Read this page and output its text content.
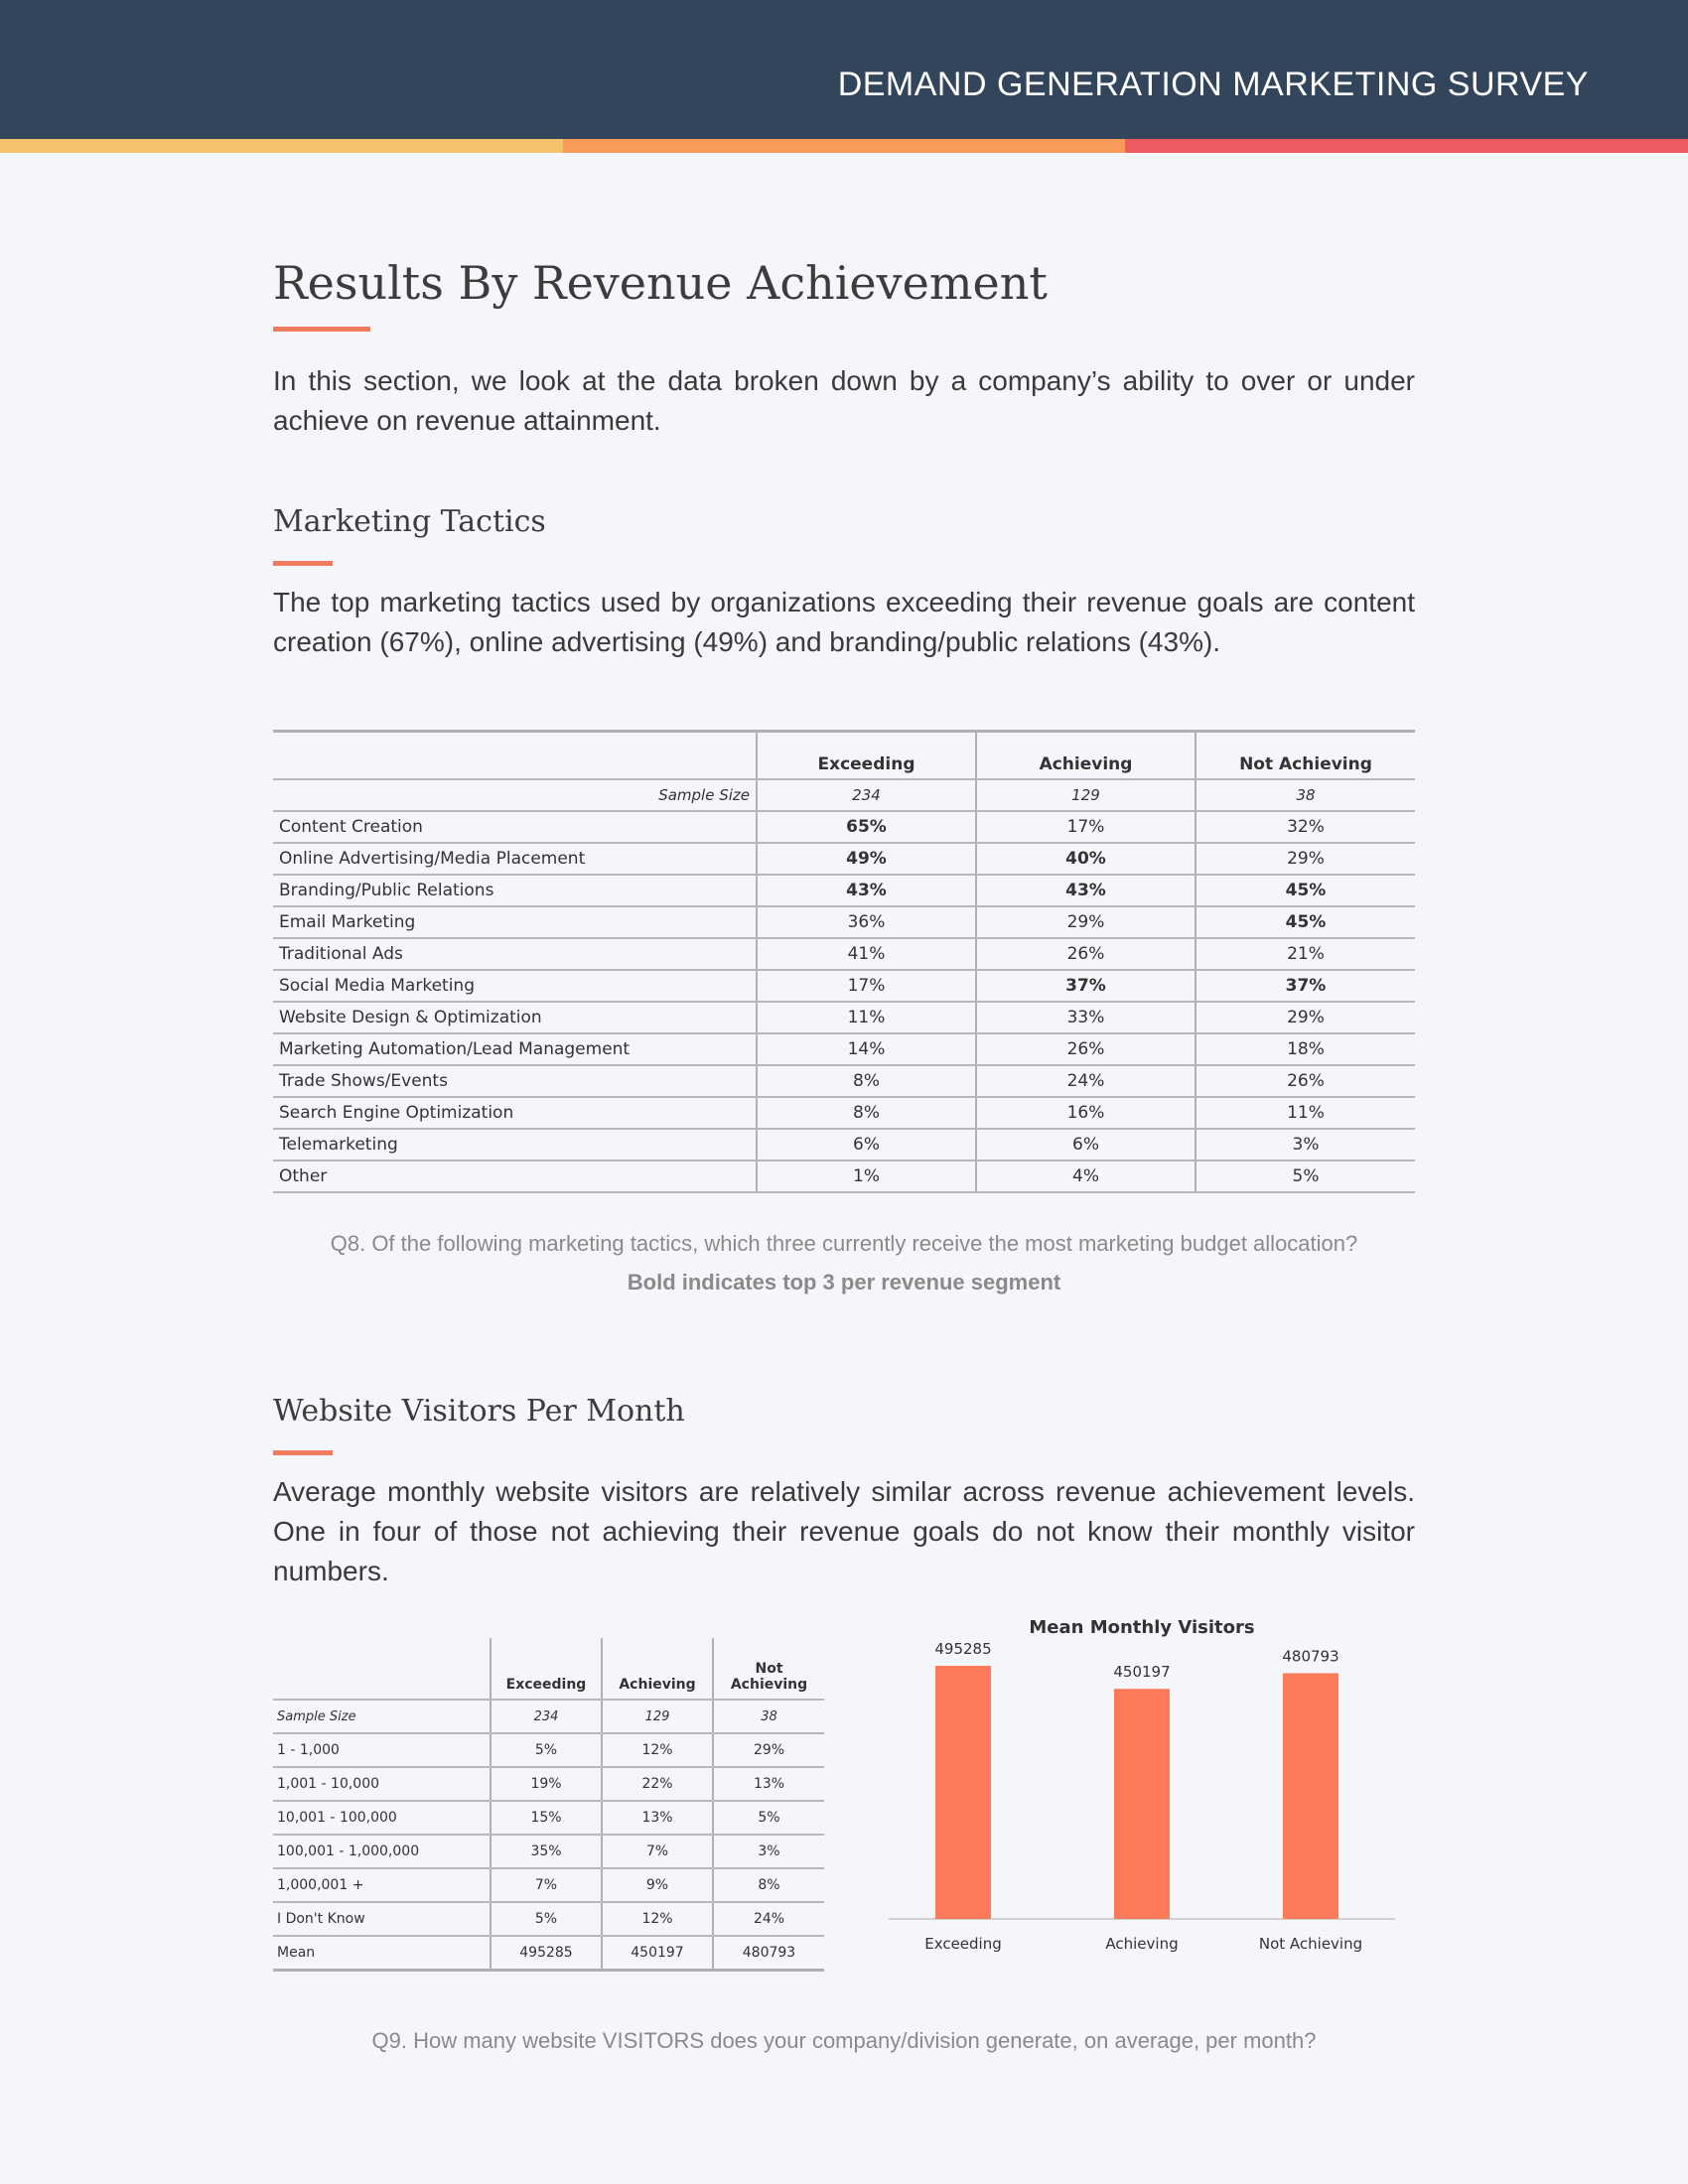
DEMAND GENERATION MARKETING SURVEY
Results By Revenue Achievement
In this section, we look at the data broken down by a company’s ability to over or under achieve on revenue attainment.
Marketing Tactics
The top marketing tactics used by organizations exceeding their revenue goals are content creation (67%), online advertising (49%) and branding/public relations (43%).
	Exceeding	Achieving	Not Achieving
Sample Size	234	129	38
Content Creation	65%	17%	32%
Online Advertising/Media Placement	49%	40%	29%
Branding/Public Relations	43%	43%	45%
Email Marketing	36%	29%	45%
Traditional Ads	41%	26%	21%
Social Media Marketing	17%	37%	37%
Website Design & Optimization	11%	33%	29%
Marketing Automation/Lead Management	14%	26%	18%
Trade Shows/Events	8%	24%	26%
Search Engine Optimization	8%	16%	11%
Telemarketing	6%	6%	3%
Other	1%	4%	5%
Q8. Of the following marketing tactics, which three currently receive the most marketing budget allocation?
Bold indicates top 3 per revenue segment
Website Visitors Per Month
Average monthly website visitors are relatively similar across revenue achievement levels. One in four of those not achieving their revenue goals do not know their monthly visitor numbers.
	Exceeding	Achieving	Not Achieving
Sample Size	234	129	38
1 - 1,000	5%	12%	29%
1,001 - 10,000	19%	22%	13%
10,001 - 100,000	15%	13%	5%
100,001 - 1,000,000	35%	7%	3%
1,000,001 +	7%	9%	8%
I Don't Know	5%	12%	24%
Mean	495285	450197	480793
Mean Monthly Visitors
495285
Exceeding
450197
Achieving
480793
Not Achieving
Q9. How many website VISITORS does your company/division generate, on average, per month?
